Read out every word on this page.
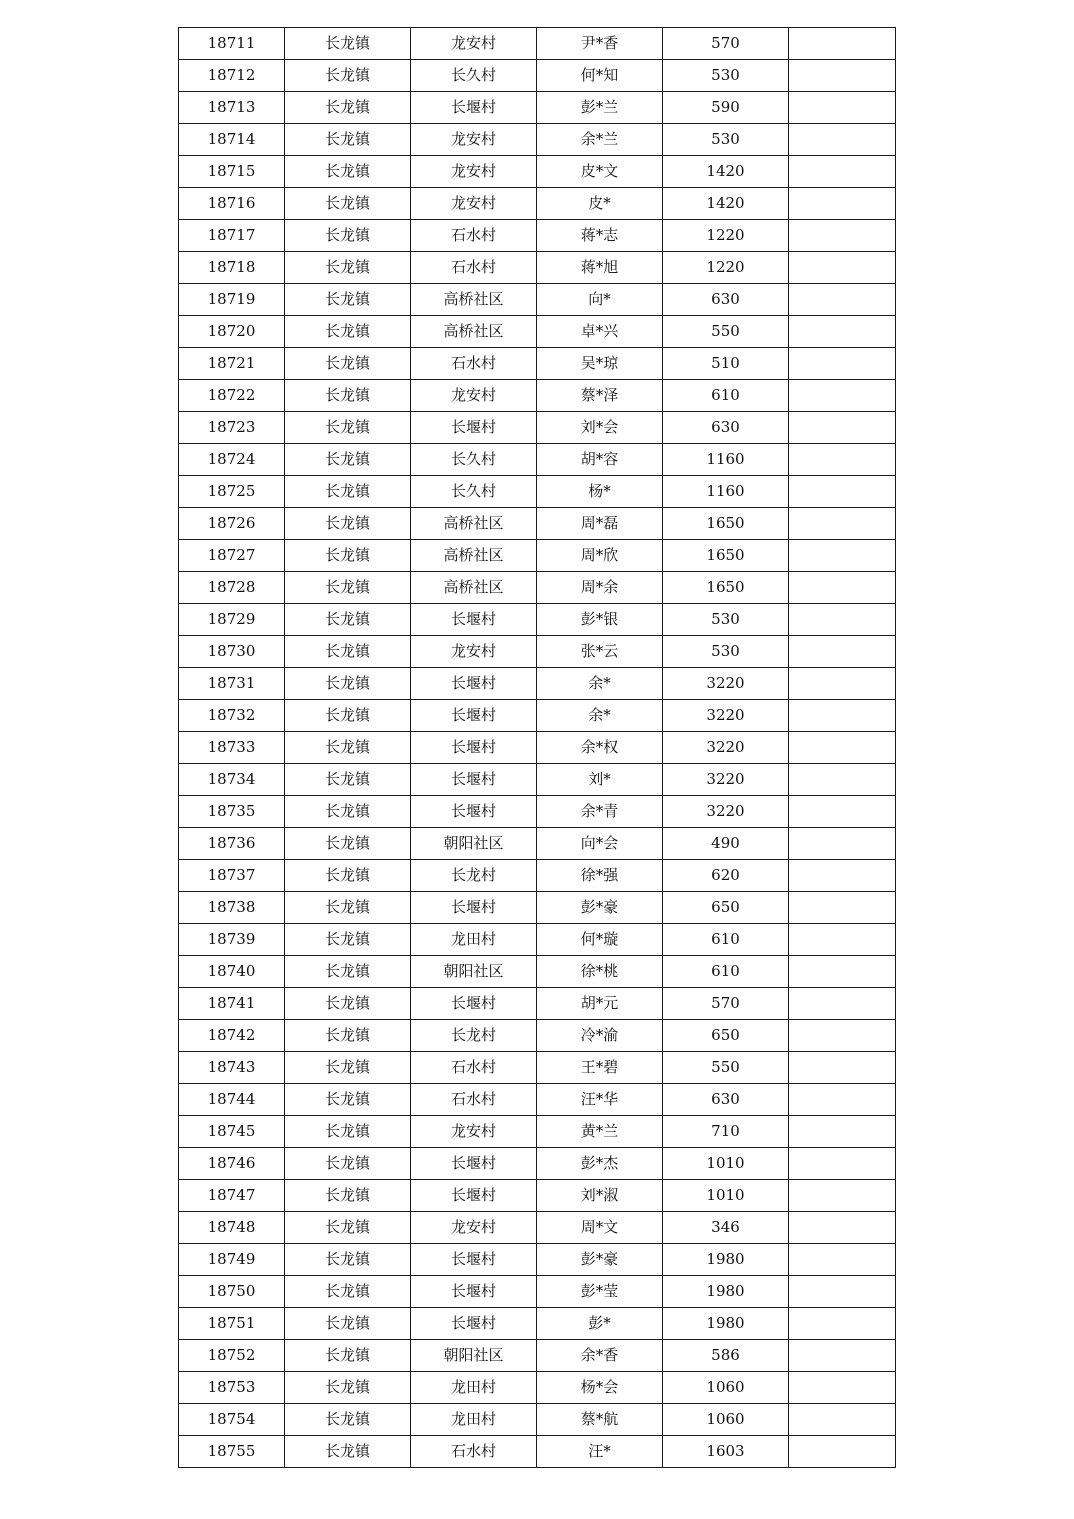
18711	长龙镇	龙安村	尹*香	570	
18712	长龙镇	长久村	何*知	530	
18713	长龙镇	长堰村	彭*兰	590	
18714	长龙镇	龙安村	余*兰	530	
18715	长龙镇	龙安村	皮*文	1420	
18716	长龙镇	龙安村	皮*	1420	
18717	长龙镇	石水村	蒋*志	1220	
18718	长龙镇	石水村	蒋*旭	1220	
18719	长龙镇	高桥社区	向*	630	
18720	长龙镇	高桥社区	卓*兴	550	
18721	长龙镇	石水村	吴*琼	510	
18722	长龙镇	龙安村	蔡*泽	610	
18723	长龙镇	长堰村	刘*会	630	
18724	长龙镇	长久村	胡*容	1160	
18725	长龙镇	长久村	杨*	1160	
18726	长龙镇	高桥社区	周*磊	1650	
18727	长龙镇	高桥社区	周*欣	1650	
18728	长龙镇	高桥社区	周*余	1650	
18729	长龙镇	长堰村	彭*银	530	
18730	长龙镇	龙安村	张*云	530	
18731	长龙镇	长堰村	余*	3220	
18732	长龙镇	长堰村	余*	3220	
18733	长龙镇	长堰村	余*权	3220	
18734	长龙镇	长堰村	刘*	3220	
18735	长龙镇	长堰村	余*青	3220	
18736	长龙镇	朝阳社区	向*会	490	
18737	长龙镇	长龙村	徐*强	620	
18738	长龙镇	长堰村	彭*豪	650	
18739	长龙镇	龙田村	何*璇	610	
18740	长龙镇	朝阳社区	徐*桃	610	
18741	长龙镇	长堰村	胡*元	570	
18742	长龙镇	长龙村	冷*渝	650	
18743	长龙镇	石水村	王*碧	550	
18744	长龙镇	石水村	汪*华	630	
18745	长龙镇	龙安村	黄*兰	710	
18746	长龙镇	长堰村	彭*杰	1010	
18747	长龙镇	长堰村	刘*淑	1010	
18748	长龙镇	龙安村	周*文	346	
18749	长龙镇	长堰村	彭*豪	1980	
18750	长龙镇	长堰村	彭*莹	1980	
18751	长龙镇	长堰村	彭*	1980	
18752	长龙镇	朝阳社区	余*香	586	
18753	长龙镇	龙田村	杨*会	1060	
18754	长龙镇	龙田村	蔡*航	1060	
18755	长龙镇	石水村	汪*	1603	
